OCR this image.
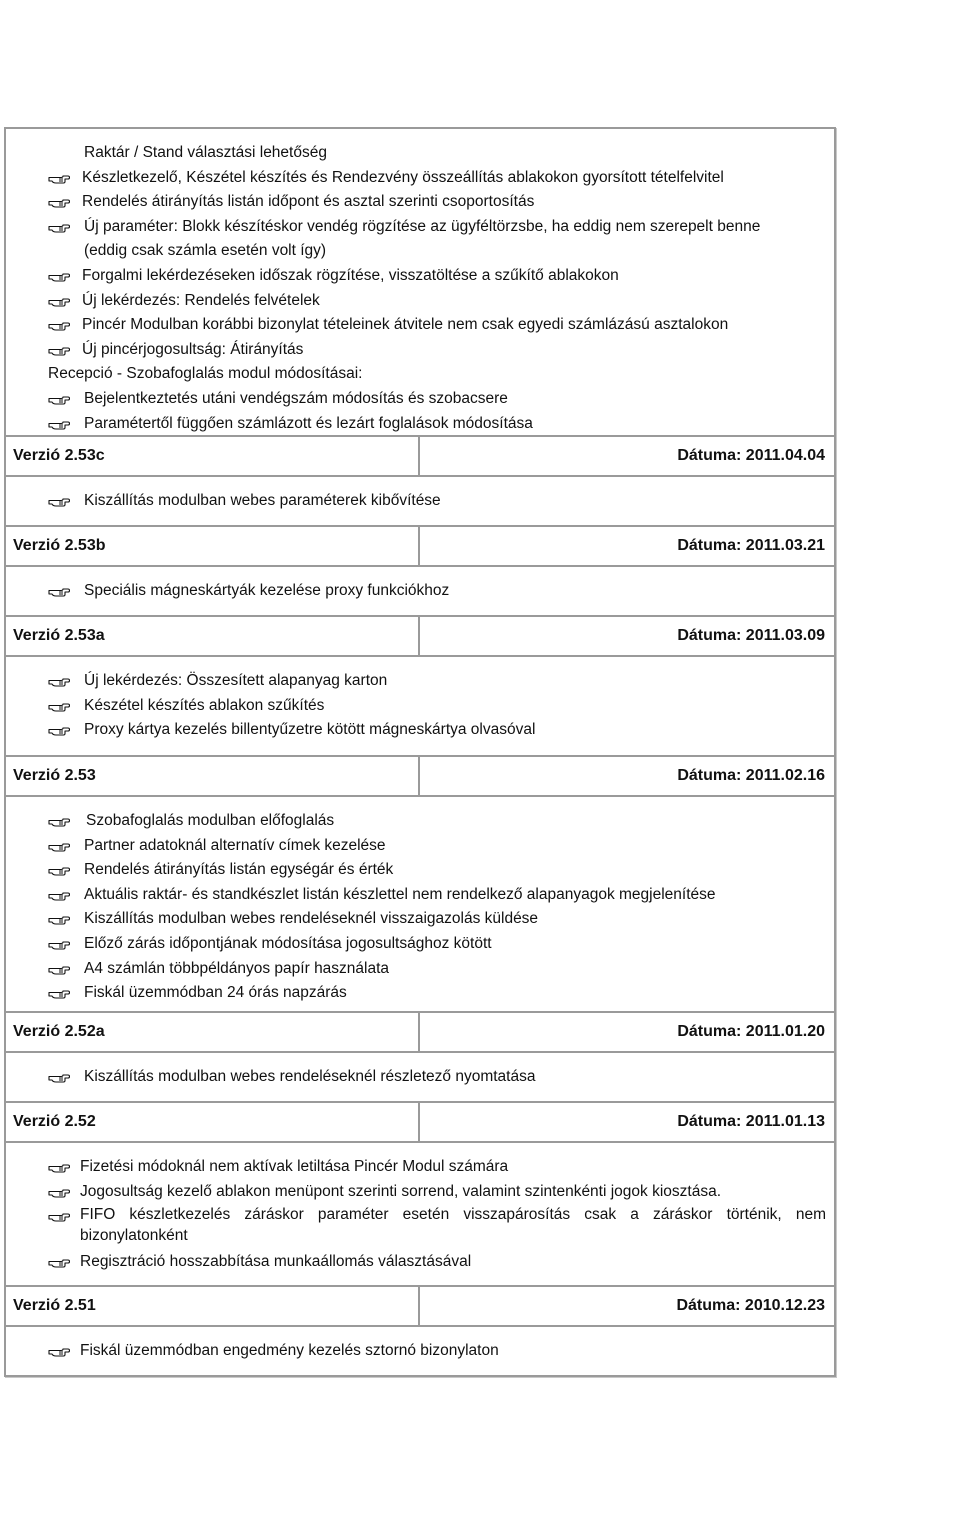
Raktár / Stand választási lehetőség
Készletkezelő, Készétel készítés és Rendezvény összeállítás ablakokon gyorsított tételfelvitel
Rendelés átirányítás listán időpont és asztal szerinti csoportosítás
Új paraméter: Blokk készítéskor vendég rögzítése az ügyféltörzsbe, ha eddig nem szerepelt benne
(eddig csak számla esetén volt így)
Forgalmi lekérdezéseken időszak rögzítése, visszatöltése a szűkítő ablakokon
Új lekérdezés: Rendelés felvételek
Pincér Modulban korábbi bizonylat tételeinek átvitele nem csak egyedi számlázású asztalokon
Új pincérjogosultság: Átirányítás
Recepció - Szobafoglalás modul módosításai:
Bejelentkeztetés utáni vendégszám módosítás és szobacsere
Paramétertől függően számlázott és lezárt foglalások módosítása
Verzió 2.53c	Dátuma: 2011.04.04
Kiszállítás modulban webes paraméterek kibővítése
Verzió 2.53b	Dátuma: 2011.03.21
Speciális mágneskártyák kezelése proxy funkciókhoz
Verzió 2.53a	Dátuma: 2011.03.09
Új lekérdezés: Összesített alapanyag karton
Készétel készítés ablakon szűkítés
Proxy kártya kezelés billentyűzetre kötött mágneskártya olvasóval
Verzió 2.53	Dátuma: 2011.02.16
Szobafoglalás modulban előfoglalás
Partner adatoknál alternatív címek kezelése
Rendelés átirányítás listán egységár és érték
Aktuális raktár- és standkészlet listán készlettel nem rendelkező alapanyagok megjelenítése
Kiszállítás modulban webes rendeléseknél visszaigazolás küldése
Előző zárás időpontjának módosítása jogosultsághoz kötött
A4 számlán többpéldányos papír használata
Fiskál üzemmódban 24 órás napzárás
Verzió 2.52a	Dátuma: 2011.01.20
Kiszállítás modulban webes rendeléseknél részletező nyomtatása
Verzió 2.52	Dátuma: 2011.01.13
Fizetési módoknál nem aktívak letiltása Pincér Modul számára
Jogosultság kezelő ablakon menüpont szerinti sorrend, valamint szintenkénti jogok kiosztása.
FIFO készletkezelés záráskor paraméter esetén visszapárosítás csak a záráskor történik, nem bizonylatonként
Regisztráció hosszabbítása munkaállomás választásával
Verzió 2.51	Dátuma: 2010.12.23
Fiskál üzemmódban engedmény kezelés sztornó bizonylaton
